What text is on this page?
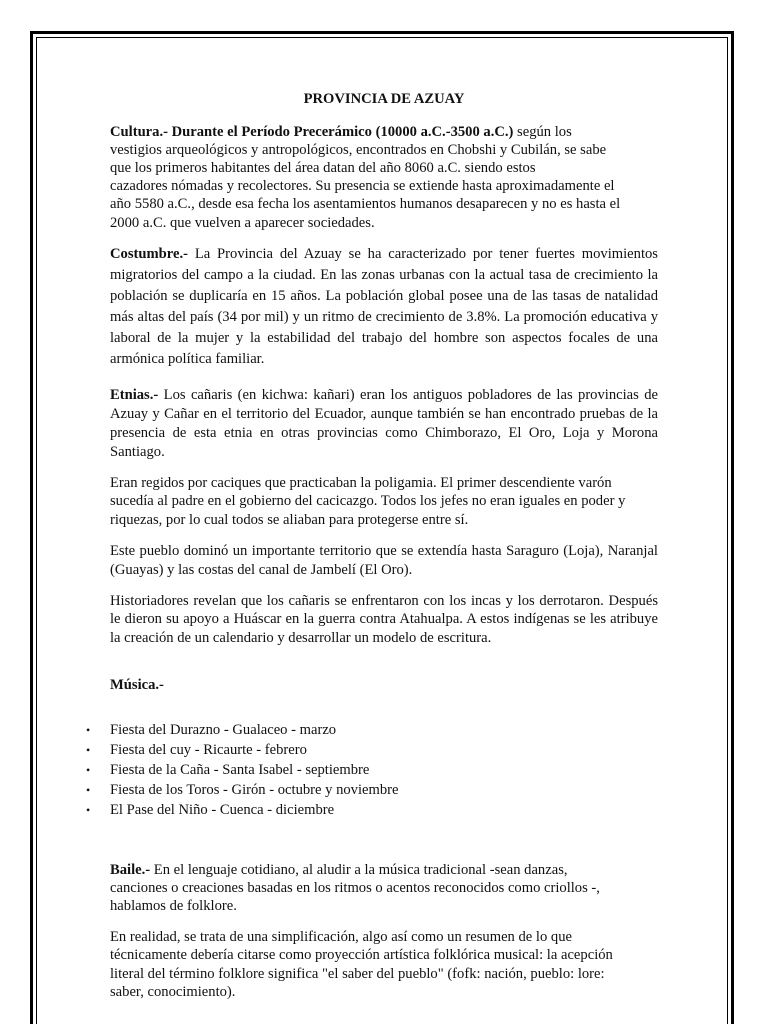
PROVINCIA DE AZUAY

Cultura.- Durante el Período Precerámico (10000 a.C.-3500 a.C.) según los
vestigios arqueológicos y antropológicos, encontrados en Chobshi y Cubilán, se sabe
que los primeros habitantes del área datan del año 8060 a.C. siendo estos
cazadores nómadas y recolectores. Su presencia se extiende hasta aproximadamente el
año 5580 a.C., desde esa fecha los asentamientos humanos desaparecen y no es hasta el
2000 a.C. que vuelven a aparecer sociedades.

Costumbre.- La Provincia del Azuay se ha caracterizado por tener fuertes movimientos migratorios del campo a la ciudad. En las zonas urbanas con la actual tasa de crecimiento la población se duplicaría en 15 años. La población global posee una de las tasas de natalidad más altas del país (34 por mil) y un ritmo de crecimiento de 3.8%. La promoción educativa y laboral de la mujer y la estabilidad del trabajo del hombre son aspectos focales de una armónica política familiar.

Etnias.- Los cañaris (en kichwa: kañari) eran los antiguos pobladores de las provincias de Azuay y Cañar en el territorio del Ecuador, aunque también se han encontrado pruebas de la presencia de esta etnia en otras provincias como Chimborazo, El Oro, Loja y Morona Santiago.

Eran regidos por caciques que practicaban la poligamia. El primer descendiente varón
sucedía al padre en el gobierno del cacicazgo. Todos los jefes no eran iguales en poder y
riquezas, por lo cual todos se aliaban para protegerse entre sí.

Este pueblo dominó un importante territorio que se extendía hasta Saraguro (Loja), Naranjal (Guayas) y las costas del canal de Jambelí (El Oro).

Historiadores revelan que los cañaris se enfrentaron con los incas y los derrotaron. Después le dieron su apoyo a Huáscar en la guerra contra Atahualpa. A estos indígenas se les atribuye la creación de un calendario y desarrollar un modelo de escritura.

Música.-

•	Fiesta del Durazno - Gualaceo - marzo
•	Fiesta del cuy - Ricaurte - febrero
•	Fiesta de la Caña - Santa Isabel - septiembre
•	Fiesta de los Toros - Girón - octubre y noviembre
•	El Pase del Niño - Cuenca - diciembre

Baile.- En el lenguaje cotidiano, al aludir a la música tradicional -sean danzas,
canciones o creaciones basadas en los ritmos o acentos reconocidos como criollos -,
hablamos de folklore.

En realidad, se trata de una simplificación, algo así como un resumen de lo que
técnicamente debería citarse como proyección artística folklórica musical: la acepción
literal del término folklore significa "el saber del pueblo" (fofk: nación, pueblo: lore:
saber, conocimiento).
